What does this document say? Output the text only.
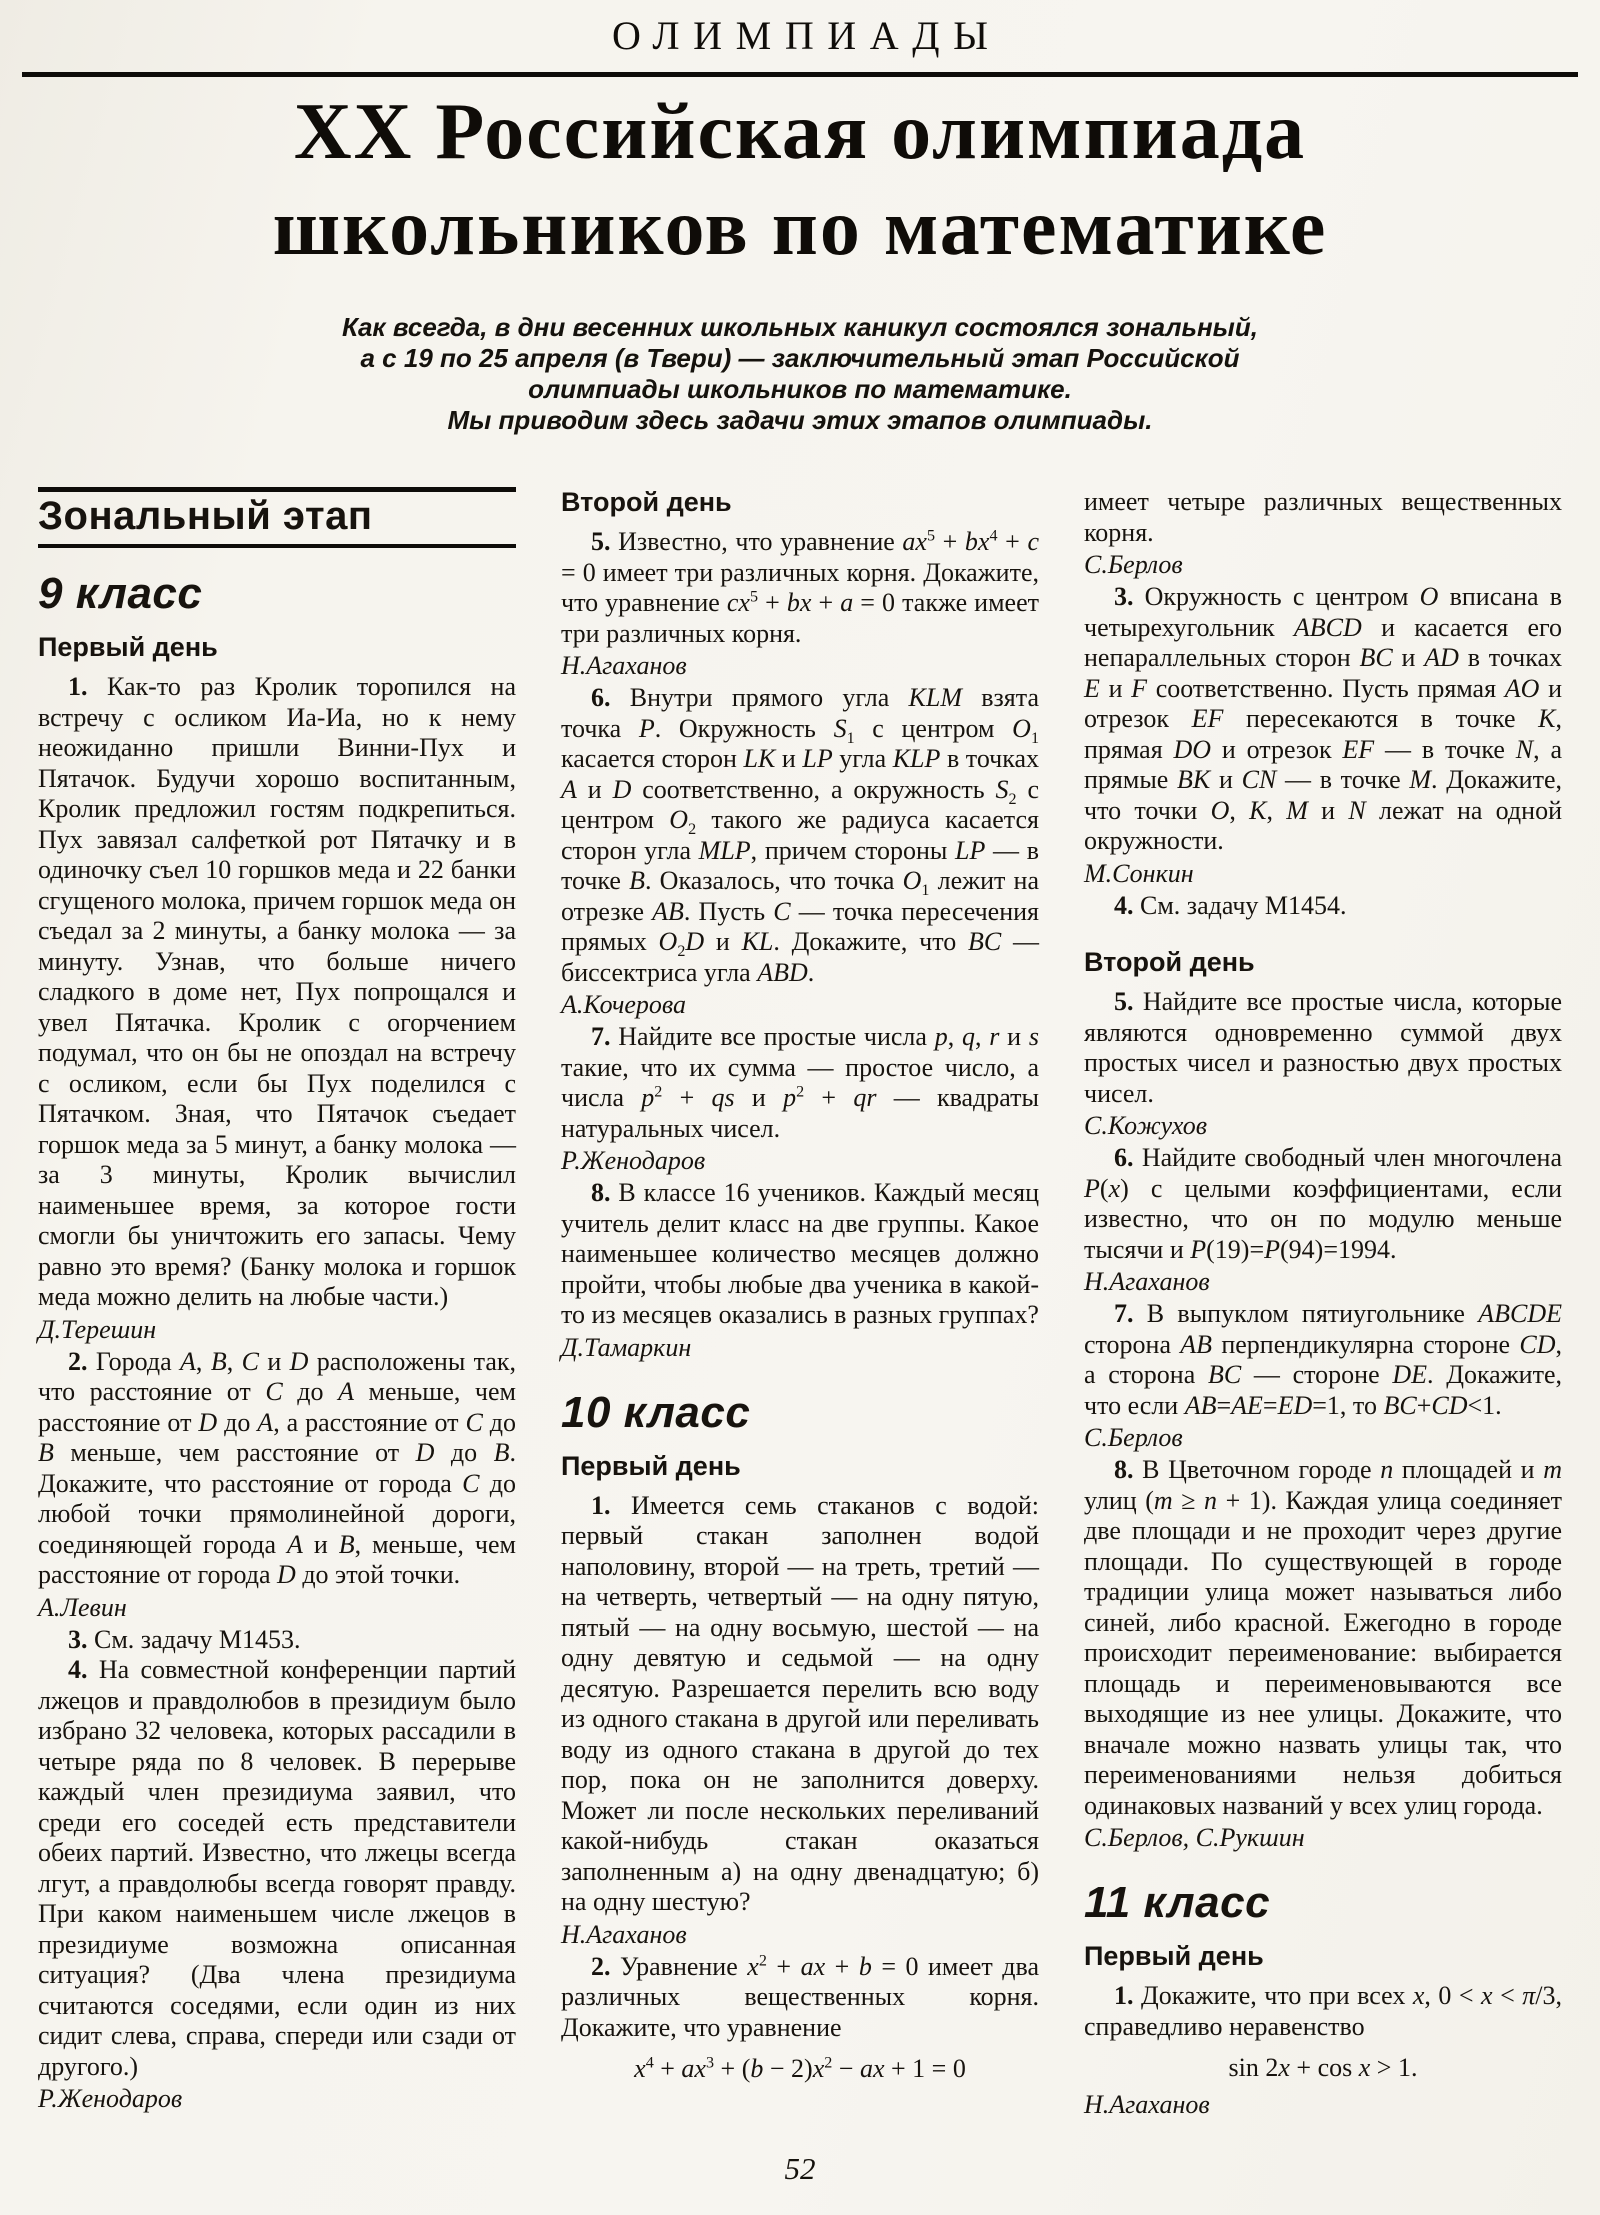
ОЛИМПИАДЫ
XX Российская олимпиада
школьников по математике
Как всегда, в дни весенних школьных каникул состоялся зональный,
а с 19 по 25 апреля (в Твери) — заключительный этап Российской
олимпиады школьников по математике.
Мы приводим здесь задачи этих этапов олимпиады.
Зональный этап
9 класс
Первый день
1. Как-то раз Кролик торопился на встречу с осликом Иа-Иа, но к нему неожиданно пришли Винни-Пух и Пятачок. Будучи хорошо воспитанным, Кролик предложил гостям подкрепиться. Пух завязал салфеткой рот Пятачку и в одиночку съел 10 горшков меда и 22 банки сгущеного молока, причем горшок меда он съедал за 2 минуты, а банку молока — за минуту. Узнав, что больше ничего сладкого в доме нет, Пух попрощался и увел Пятачка. Кролик с огорчением подумал, что он бы не опоздал на встречу с осликом, если бы Пух поделился с Пятачком. Зная, что Пятачок съедает горшок меда за 5 минут, а банку молока — за 3 минуты, Кролик вычислил наименьшее время, за которое гости смогли бы уничтожить его запасы. Чему равно это время? (Банку молока и горшок меда можно делить на любые части.)
Д.Терешин
2. Города A, B, C и D расположены так, что расстояние от C до A меньше, чем расстояние от D до A, а расстояние от C до B меньше, чем расстояние от D до B. Докажите, что расстояние от города C до любой точки прямолинейной дороги, соединяющей города A и B, меньше, чем расстояние от города D до этой точки.
А.Левин
3. См. задачу М1453.
4. На совместной конференции партий лжецов и правдолюбов в президиум было избрано 32 человека, которых рассадили в четыре ряда по 8 человек. В перерыве каждый член президиума заявил, что среди его соседей есть представители обеих партий. Известно, что лжецы всегда лгут, а правдолюбы всегда говорят правду. При каком наименьшем числе лжецов в президиуме возможна описанная ситуация? (Два члена президиума считаются соседями, если один из них сидит слева, справа, спереди или сзади от другого.)
Р.Женодаров
Второй день
5. Известно, что уравнение $ax^5 + bx^4 + c = 0$ имеет три различных корня. Докажите, что уравнение $cx^5$ + bx + a = 0 также имеет три различных корня.
Н.Агаханов
6. Внутри прямого угла KLM взята точка P. Окружность $S_1$ с центром $O_1$ касается сторон LK и LP угла KLP в точках A и D соответственно, а окружность $S_2$ с центром $O_2$ такого же радиуса касается сторон угла MLP, причем стороны LP — в точке B. Оказалось, что точка $O_1$ лежит на отрезке AB. Пусть C — точка пересечения прямых $O_2D$ и KL. Докажите, что BC — биссектриса угла ABD.
А.Кочерова
7. Найдите все простые числа p, q, r и s такие, что их сумма — простое число, а числа $p^2$ + qs и $p^2$ + qr — квадраты натуральных чисел.
Р.Женодаров
8. В классе 16 учеников. Каждый месяц учитель делит класс на две группы. Какое наименьшее количество месяцев должно пройти, чтобы любые два ученика в какой-то из месяцев оказались в разных группах?
Д.Тамаркин
10 класс
Первый день
1. Имеется семь стаканов с водой: первый стакан заполнен водой наполовину, второй — на треть, третий — на четверть, четвертый — на одну пятую, пятый — на одну восьмую, шестой — на одну девятую и седьмой — на одну десятую. Разрешается перелить всю воду из одного стакана в другой или переливать воду из одного стакана в другой до тех пор, пока он не заполнится доверху. Может ли после нескольких переливаний какой-нибудь стакан оказаться заполненным а) на одну двенадцатую; б) на одну шестую?
Н.Агаханов
2. Уравнение $x^2$ + ax + b = 0 имеет два различных вещественных корня. Докажите, что уравнение
$x^4 + ax^3 + (b - 2)x^2$ − ax + 1 = 0
имеет четыре различных вещественных корня.
С.Берлов
3. Окружность с центром O вписана в четырехугольник ABCD и касается его непараллельных сторон BC и AD в точках E и F соответственно. Пусть прямая AO и отрезок EF пересекаются в точке K, прямая DO и отрезок EF — в точке N, а прямые BK и CN — в точке M. Докажите, что точки O, K, M и N лежат на одной окружности.
М.Сонкин
4. См. задачу М1454.
Второй день
5. Найдите все простые числа, которые являются одновременно суммой двух простых чисел и разностью двух простых чисел.
С.Кожухов
6. Найдите свободный член многочлена P(x) с целыми коэффициентами, если известно, что он по модулю меньше тысячи и P(19)=P(94)=1994.
Н.Агаханов
7. В выпуклом пятиугольнике ABCDE сторона AB перпендикулярна стороне CD, а сторона BC — стороне DE. Докажите, что если AB=AE=ED=1, то BC+CD<1.
С.Берлов
8. В Цветочном городе n площадей и m улиц (m ≥ n + 1). Каждая улица соединяет две площади и не проходит через другие площади. По существующей в городе традиции улица может называться либо синей, либо красной. Ежегодно в городе происходит переименование: выбирается площадь и переименовываются все выходящие из нее улицы. Докажите, что вначале можно назвать улицы так, что переименованиями нельзя добиться одинаковых названий у всех улиц города.
С.Берлов, С.Рукшин
11 класс
Первый день
1. Докажите, что при всех x, 0 < x < π/3, справедливо неравенство
sin 2x + cos x > 1.
Н.Агаханов
52
